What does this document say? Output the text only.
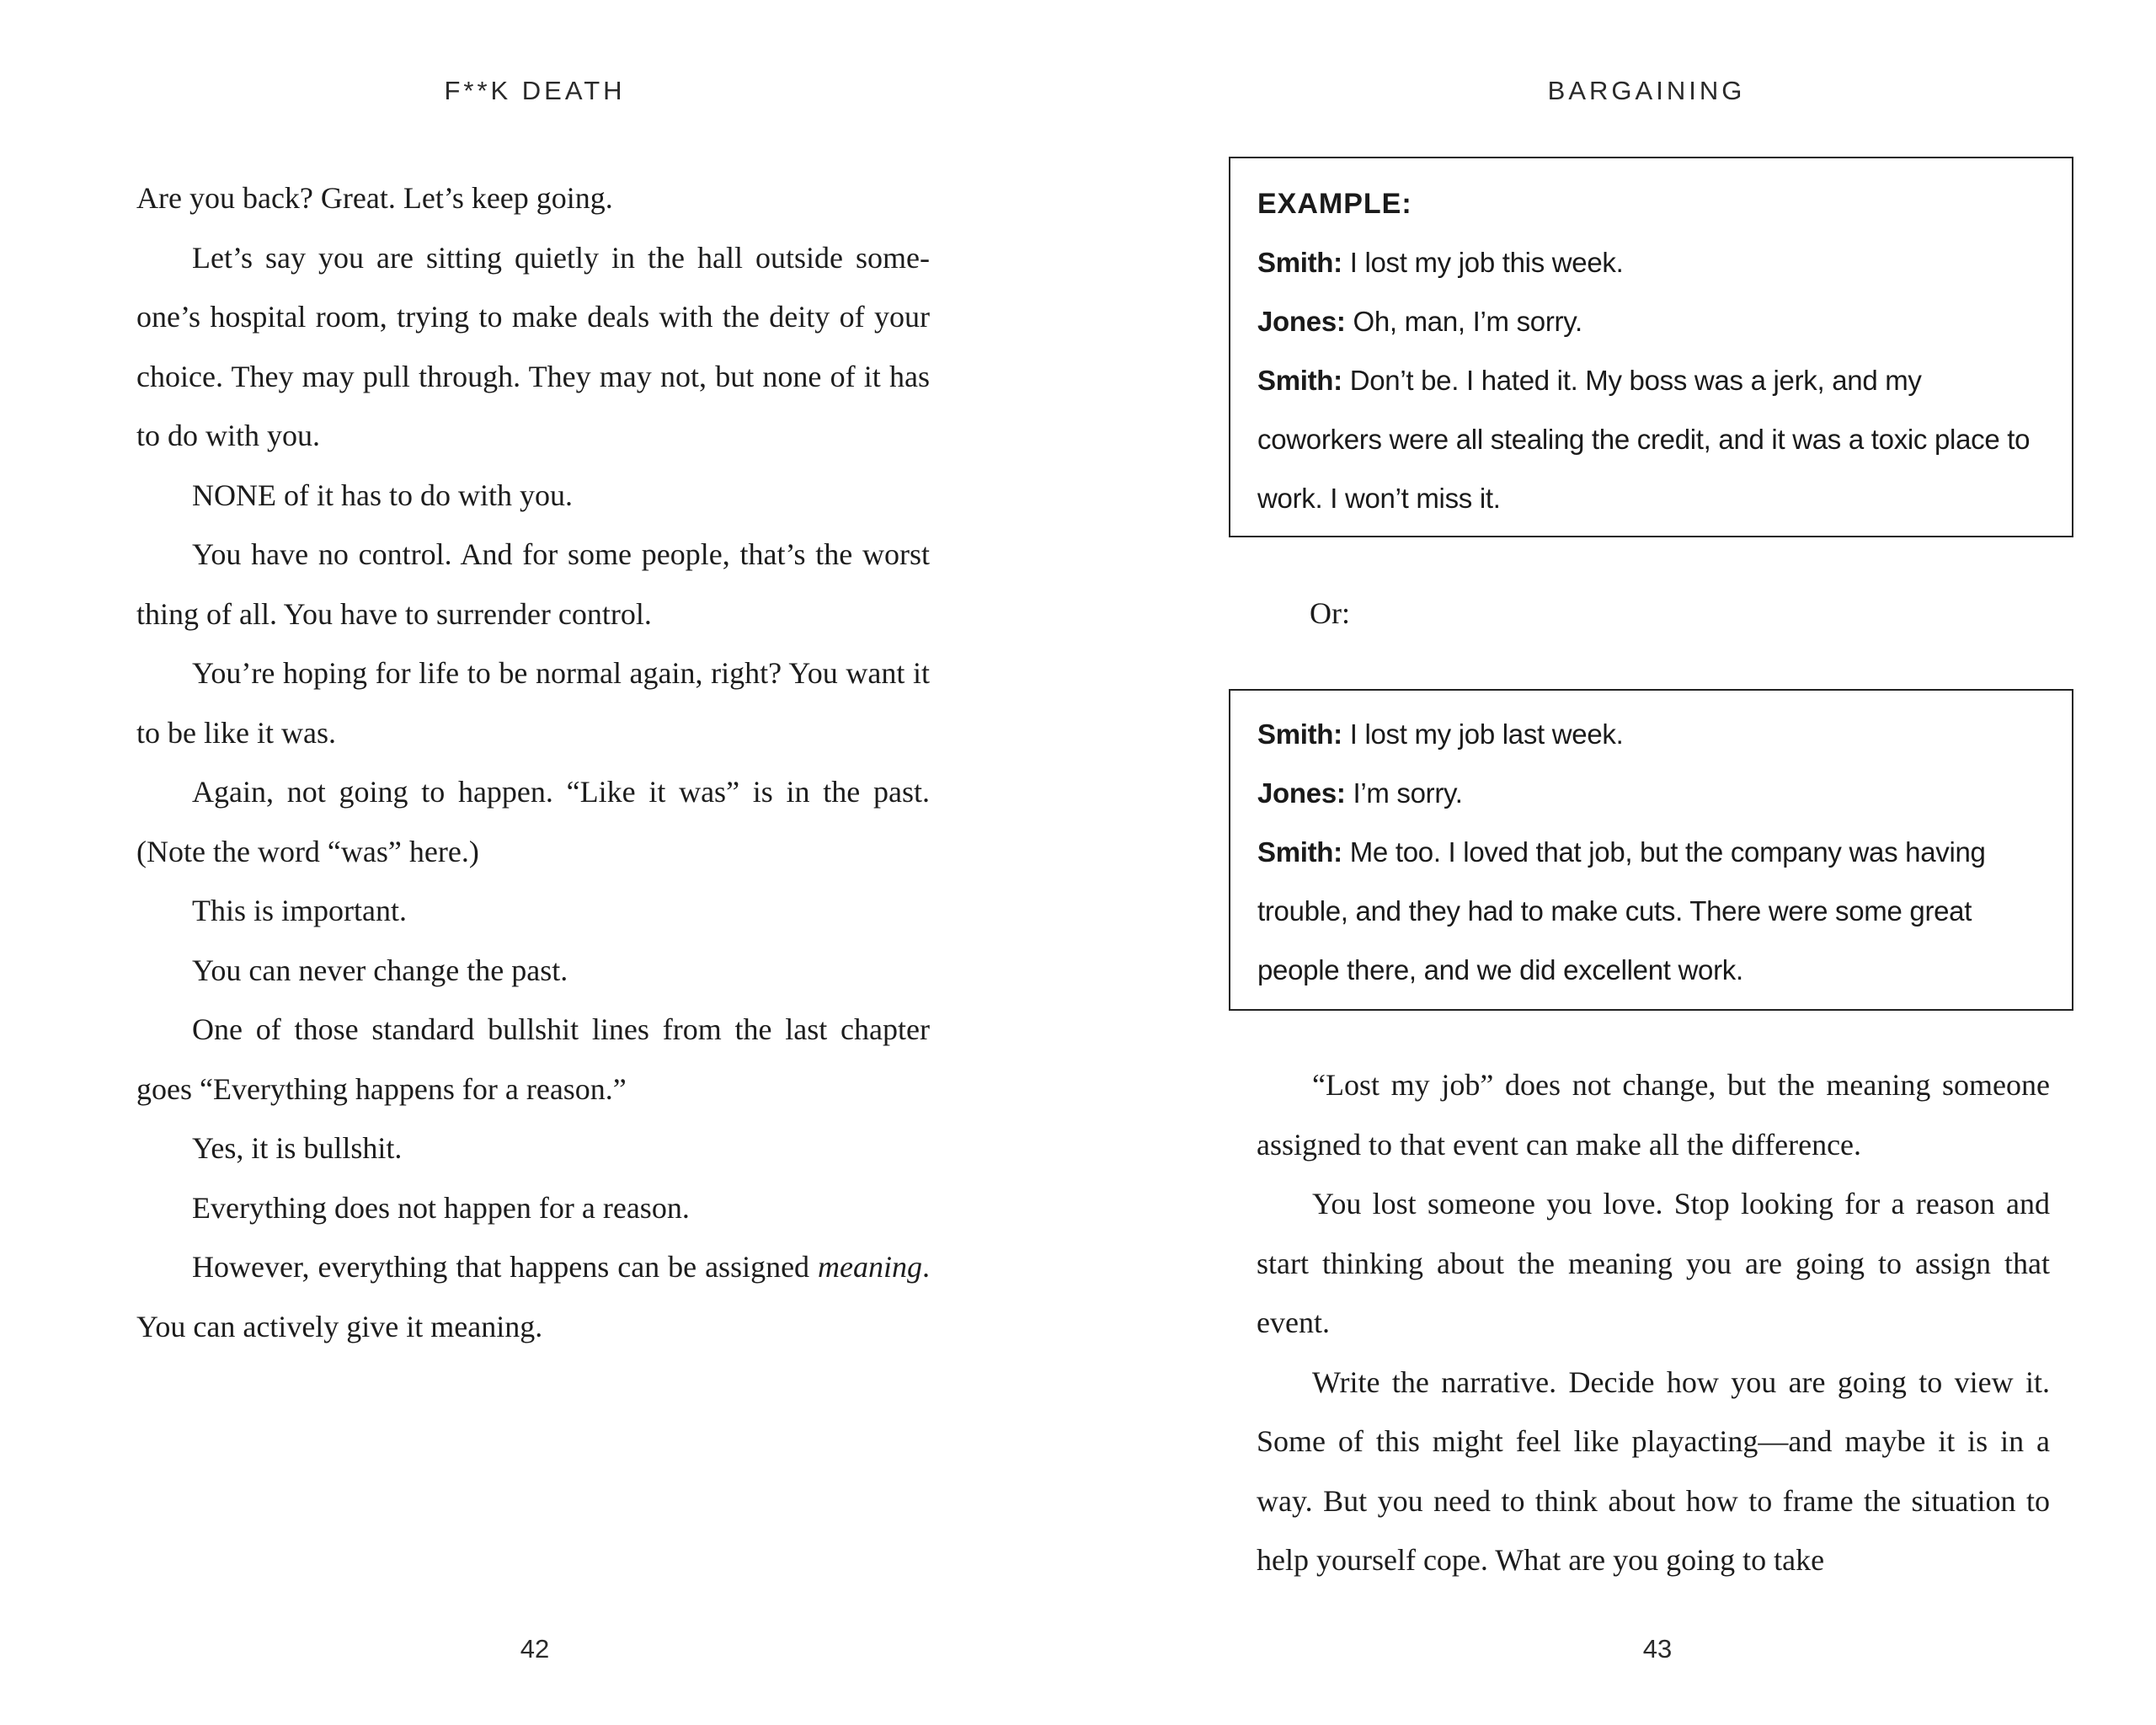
F**K DEATH

Are you back? Great. Let’s keep going.

Let’s say you are sitting quietly in the hall outside someone’s hospital room, trying to make deals with the deity of your choice. They may pull through. They may not, but none of it has to do with you.

NONE of it has to do with you.

You have no control. And for some people, that’s the worst thing of all. You have to surrender control.

You’re hoping for life to be normal again, right? You want it to be like it was.

Again, not going to happen. “Like it was” is in the past. (Note the word “was” here.)

This is important.

You can never change the past.

One of those standard bullshit lines from the last chapter goes “Everything happens for a reason.”

Yes, it is bullshit.

Everything does not happen for a reason.

However, everything that happens can be assigned meaning. You can actively give it meaning.

42
BARGAINING

EXAMPLE:

Smith: I lost my job this week.

Jones: Oh, man, I’m sorry.

Smith: Don’t be. I hated it. My boss was a jerk, and my coworkers were all stealing the credit, and it was a toxic place to work. I won’t miss it.

Or:

Smith: I lost my job last week.

Jones: I’m sorry.

Smith: Me too. I loved that job, but the company was having trouble, and they had to make cuts. There were some great people there, and we did excellent work.

“Lost my job” does not change, but the meaning someone assigned to that event can make all the difference.

You lost someone you love. Stop looking for a reason and start thinking about the meaning you are going to assign that event.

Write the narrative. Decide how you are going to view it. Some of this might feel like playacting—and maybe it is in a way. But you need to think about how to frame the situation to help yourself cope. What are you going to take

43
